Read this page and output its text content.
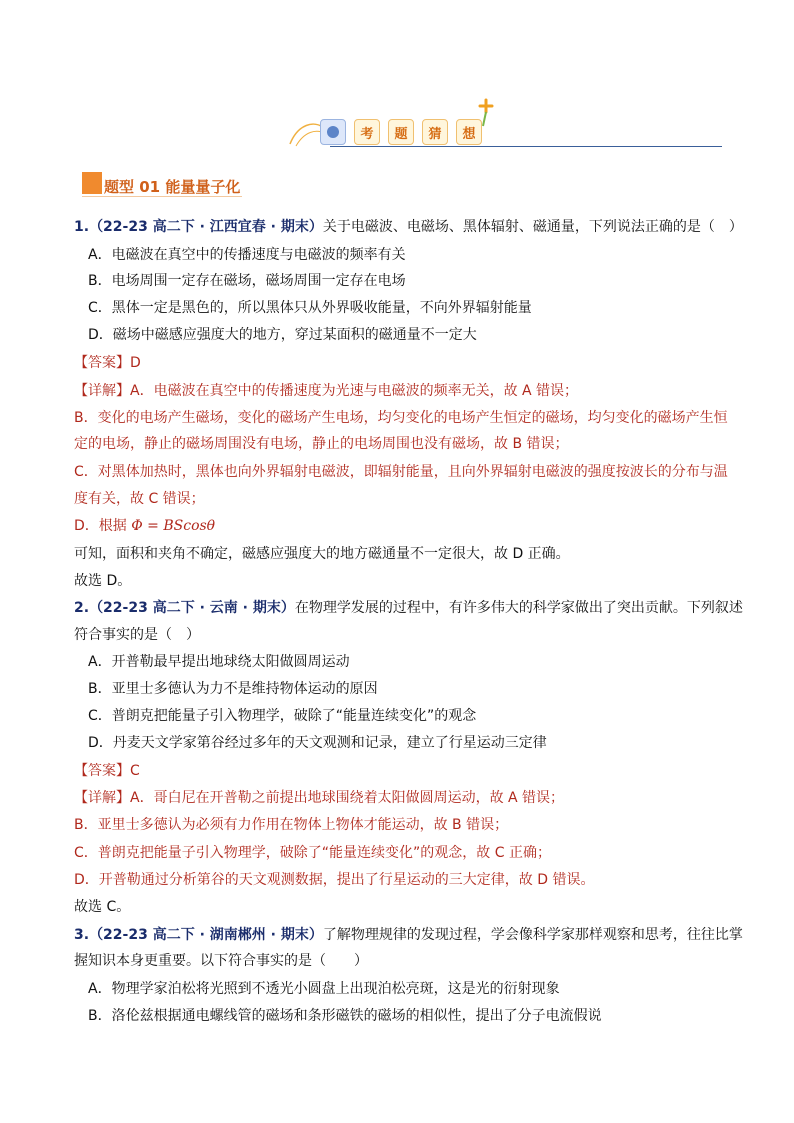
考	题	猜	想
题型 01 能量量子化
1.（22-23 高二下 · 江西宜春 · 期末）关于电磁波、电磁场、黑体辐射、磁通量，下列说法正确的是（　）
A．电磁波在真空中的传播速度与电磁波的频率有关
B．电场周围一定存在磁场，磁场周围一定存在电场
C．黑体一定是黑色的，所以黑体只从外界吸收能量，不向外界辐射能量
D．磁场中磁感应强度大的地方，穿过某面积的磁通量不一定大
【答案】D
【详解】A．电磁波在真空中的传播速度为光速与电磁波的频率无关，故 A 错误；
B．变化的电场产生磁场，变化的磁场产生电场，均匀变化的电场产生恒定的磁场，均匀变化的磁场产生恒
定的电场，静止的磁场周围没有电场，静止的电场周围也没有磁场，故 B 错误；
C．对黑体加热时，黑体也向外界辐射电磁波，即辐射能量，且向外界辐射电磁波的强度按波长的分布与温
度有关，故 C 错误；
D．根据 Φ = BScosθ
可知，面积和夹角不确定，磁感应强度大的地方磁通量不一定很大，故 D 正确。
故选 D。
2.（22-23 高二下 · 云南 · 期末）在物理学发展的过程中，有许多伟大的科学家做出了突出贡献。下列叙述
符合事实的是（　）
A．开普勒最早提出地球绕太阳做圆周运动
B．亚里士多德认为力不是维持物体运动的原因
C．普朗克把能量子引入物理学，破除了“能量连续变化”的观念
D．丹麦天文学家第谷经过多年的天文观测和记录，建立了行星运动三定律
【答案】C
【详解】A．哥白尼在开普勒之前提出地球围绕着太阳做圆周运动，故 A 错误；
B．亚里士多德认为必须有力作用在物体上物体才能运动，故 B 错误；
C．普朗克把能量子引入物理学，破除了“能量连续变化”的观念，故 C 正确；
D．开普勒通过分析第谷的天文观测数据，提出了行星运动的三大定律，故 D 错误。
故选 C。
3.（22-23 高二下 · 湖南郴州 · 期末）了解物理规律的发现过程，学会像科学家那样观察和思考，往往比掌
握知识本身更重要。以下符合事实的是（　　）
A．物理学家泊松将光照到不透光小圆盘上出现泊松亮斑，这是光的衍射现象
B．洛伦兹根据通电螺线管的磁场和条形磁铁的磁场的相似性，提出了分子电流假说
